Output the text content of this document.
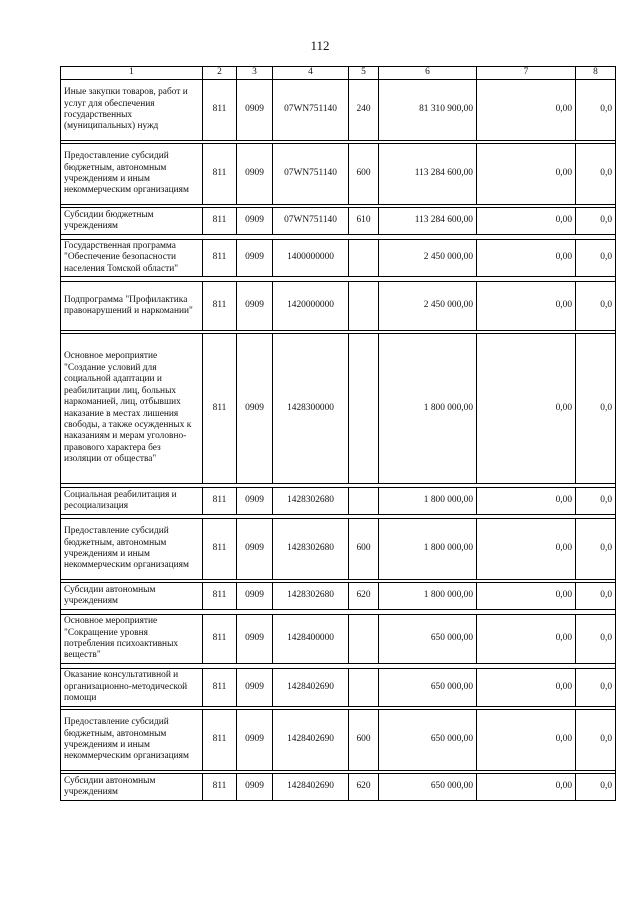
112
1	2	3	4	5	6	7	8
Иные закупки товаров, работ и услуг для обеспечения государственных (муниципальных) нужд	811	0909	07WN751140	240	81 310 900,00	0,00	0,0

Предоставление субсидий бюджетным, автономным учреждениям и иным некоммерческим организациям	811	0909	07WN751140	600	113 284 600,00	0,00	0,0

Субсидии бюджетным учреждениям	811	0909	07WN751140	610	113 284 600,00	0,00	0,0

Государственная программа "Обеспечение безопасности населения Томской области"	811	0909	1400000000		2 450 000,00	0,00	0,0

Подпрограмма "Профилактика правонарушений и наркомании"	811	0909	1420000000		2 450 000,00	0,00	0,0

Основное мероприятие "Создание условий для социальной адаптации и реабилитации лиц, больных наркоманией, лиц, отбывших наказание в местах лишения свободы, а также осужденных к наказаниям и мерам уголовно-правового характера без изоляции от общества"	811	0909	1428300000		1 800 000,00	0,00	0,0

Социальная реабилитация и ресоциализация	811	0909	1428302680		1 800 000,00	0,00	0,0

Предоставление субсидий бюджетным, автономным учреждениям и иным некоммерческим организациям	811	0909	1428302680	600	1 800 000,00	0,00	0,0

Субсидии автономным учреждениям	811	0909	1428302680	620	1 800 000,00	0,00	0,0

Основное мероприятие "Сокращение уровня потребления психоактивных веществ"	811	0909	1428400000		650 000,00	0,00	0,0

Оказание консультативной и организационно-методической помощи	811	0909	1428402690		650 000,00	0,00	0,0

Предоставление субсидий бюджетным, автономным учреждениям и иным некоммерческим организациям	811	0909	1428402690	600	650 000,00	0,00	0,0

Субсидии автономным учреждениям	811	0909	1428402690	620	650 000,00	0,00	0,0
